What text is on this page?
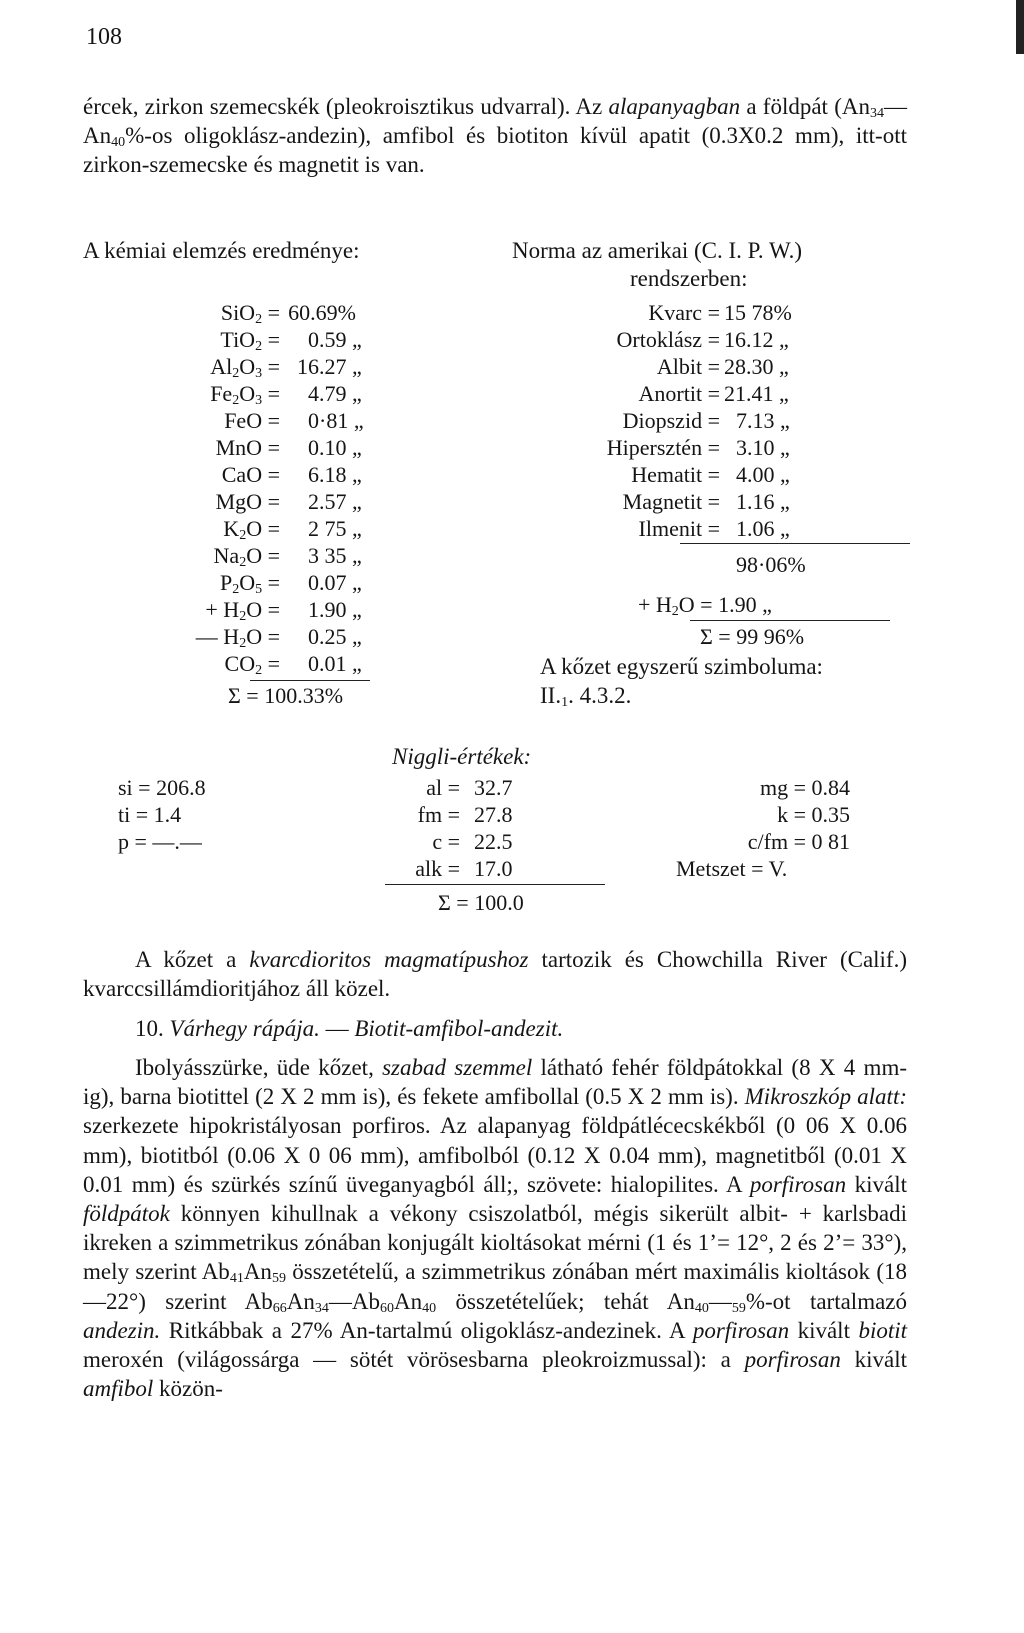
108
ércek, zirkon szemecskék (pleokroisztikus udvarral). Az alapanyagban a földpát ($An_{34}—An_{40}\%-os$ oligoklász-andezin), amfibol és biotiton kívül apatit (0.3X0.2 mm), itt-ott zirkon-szemecske és magnetit is van.
A kémiai elemzés eredménye:	Norma az amerikai (C. I. P. W.)
rendszerben:
SiO$_2$ = 60.69%
TiO$_2$ = 0.59 „
$Al_2O_3 = 16.27$ „
$Fe_2O_3 = 4.79$ „
FeO = 0·81 „
MnO = 0.10 „
CaO = 6.18 „
MgO = 2.57 „
$K_2O = 2$ 75 „
$Na_2O = 3$ 35 „
$P_2O_5 = 0.07$ „
+ $H_2O = 1.90$ „
— $H_2O = 0.25$ „
$CO_2 = 0.01$ „
Σ = 100.33%
Kvarc = 15 78%
Ortoklász = 16.12 „
Albit = 28.30 „
Anortit = 21.41 „
Diopszid = 7.13 „
Hipersztén = 3.10 „
Hematit = 4.00 „
Magnetit = 1.16 „
Ilmenit = 1.06 „
98·06%
+ $H_2O = 1.90$ „
Σ = 99 96%
A kőzet egyszerű szimboluma:
$II._1$. 4.3.2.
Niggli-értékek:
si = 206.8
ti = 1.4
p = —.—
al = 32.7
fm = 27.8
c = 22.5
alk = 17.0
Σ = 100.0
mg = 0.84
k = 0.35
c/fm = 0 81
Metszet = V.
A kőzet a kvarcdioritos magmatípushoz tartozik és Chowchilla River (Calif.) kvarccsillámdioritjához áll közel.
10. Várhegy rápája. — Biotit-amfibol-andezit.
Ibolyásszürke, üde kőzet, szabad szemmel látható fehér földpátokkal (8 X 4 mm-ig), barna biotittel (2 X 2 mm is), és fekete amfibollal (0.5 X 2 mm is). Mikroszkóp alatt: szerkezete hipokristályosan porfiros. Az alapanyag földpátlécecskékből (0 06 X 0.06 mm), biotitból (0.06 X 0 06 mm), amfibolból (0.12 X 0.04 mm), magnetitből (0.01 X 0.01 mm) és szürkés színű üveganyagból áll;, szövete: hialopilites. A porfirosan kivált földpátok könnyen kihullnak a vékony csiszolatból, mégis sikerült albit- + karlsbadi ikreken a szimmetrikus zónában konjugált kioltásokat mérni (1 és 1’= 12°, 2 és 2’= 33°), mely szerint $Ab_{41}An_{59}$ összetételű, a szimmetrikus zónában mért maximális kioltások (18—22°) szerint $Ab_{66}An_{34}—Ab_{60}An_{40}$ összetételűek; tehát $An_{40}—_{59}\%-ot$ tartalmazó andezin. Ritkábbak a 27% An-tartalmú oligoklász-andezinek. A porfirosan kivált biotit meroxén (világossárga — sötét vörösesbarna pleokroizmussal): a porfirosan kivált amfibol közön-
